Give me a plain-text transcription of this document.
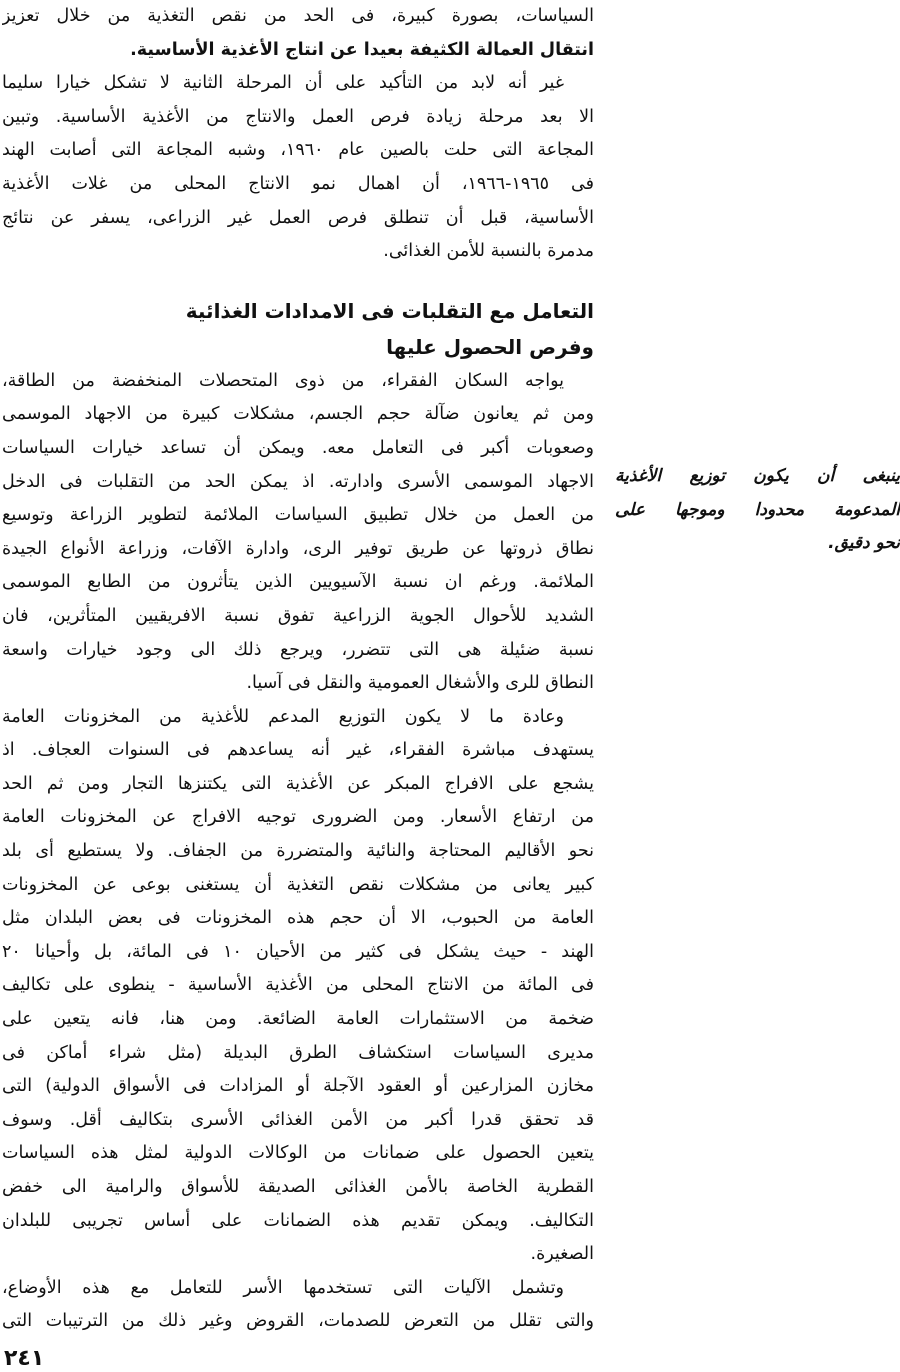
السياسات، بصورة كبيرة، فى الحد من نقص التغذية من خلال تعزيز
انتقال العمالة الكثيفة بعيدا عن انتاج الأغذية الأساسية.
غير أنه لابد من التأكيد على أن المرحلة الثانية لا تشكل خيارا سليما
الا بعد مرحلة زيادة فرص العمل والانتاج من الأغذية الأساسية. وتبين
المجاعة التى حلت بالصين عام ١٩٦٠، وشبه المجاعة التى أصابت الهند
فى ١٩٦٥-١٩٦٦، أن اهمال نمو الانتاج المحلى من غلات الأغذية
الأساسية، قبل أن تنطلق فرص العمل غير الزراعى، يسفر عن نتائج
مدمرة بالنسبة للأمن الغذائى.
التعامل مع التقلبات فى الامدادات الغذائية
وفرص الحصول عليها
يواجه السكان الفقراء، من ذوى المتحصلات المنخفضة من الطاقة،
ومن ثم يعانون ضآلة حجم الجسم، مشكلات كبيرة من الاجهاد الموسمى
وصعوبات أكبر فى التعامل معه. ويمكن أن تساعد خيارات السياسات
الاجهاد الموسمى الأسرى وادارته. اذ يمكن الحد من التقلبات فى الدخل
من العمل من خلال تطبيق السياسات الملائمة لتطوير الزراعة وتوسيع
نطاق ذروتها عن طريق توفير الرى، وادارة الآفات، وزراعة الأنواع الجيدة
الملائمة. ورغم ان نسبة الآسيويين الذين يتأثرون من الطابع الموسمى
الشديد للأحوال الجوية الزراعية تفوق نسبة الافريقيين المتأثرين، فان
نسبة ضئيلة هى التى تتضرر، ويرجع ذلك الى وجود خيارات واسعة
النطاق للرى والأشغال العمومية والنقل فى آسيا.
وعادة ما لا يكون التوزيع المدعم للأغذية من المخزونات العامة
يستهدف مباشرة الفقراء، غير أنه يساعدهم فى السنوات العجاف. اذ
يشجع على الافراج المبكر عن الأغذية التى يكتنزها التجار ومن ثم الحد
من ارتفاع الأسعار. ومن الضرورى توجيه الافراج عن المخزونات العامة
نحو الأقاليم المحتاجة والنائية والمتضررة من الجفاف. ولا يستطيع أى بلد
كبير يعانى من مشكلات نقص التغذية أن يستغنى بوعى عن المخزونات
العامة من الحبوب، الا أن حجم هذه المخزونات فى بعض البلدان مثل
الهند - حيث يشكل فى كثير من الأحيان ١٠ فى المائة، بل وأحيانا ٢٠
فى المائة من الانتاج المحلى من الأغذية الأساسية - ينطوى على تكاليف
ضخمة من الاستثمارات العامة الضائعة. ومن هنا، فانه يتعين على
مديرى السياسات استكشاف الطرق البديلة (مثل شراء أماكن فى
مخازن المزارعين أو العقود الآجلة أو المزادات فى الأسواق الدولية) التى
قد تحقق قدرا أكبر من الأمن الغذائى الأسرى بتكاليف أقل. وسوف
يتعين الحصول على ضمانات من الوكالات الدولية لمثل هذه السياسات
القطرية الخاصة بالأمن الغذائى الصديقة للأسواق والرامية الى خفض
التكاليف. ويمكن تقديم هذه الضمانات على أساس تجريبى للبلدان
الصغيرة.
وتشمل الآليات التى تستخدمها الأسر للتعامل مع هذه الأوضاع،
والتى تقلل من التعرض للصدمات، القروض وغير ذلك من الترتيبات التى
ينبغى أن يكون توزيع الأغذية
المدعومة محدودا وموجها على
نحو دقيق.
٢٤١
